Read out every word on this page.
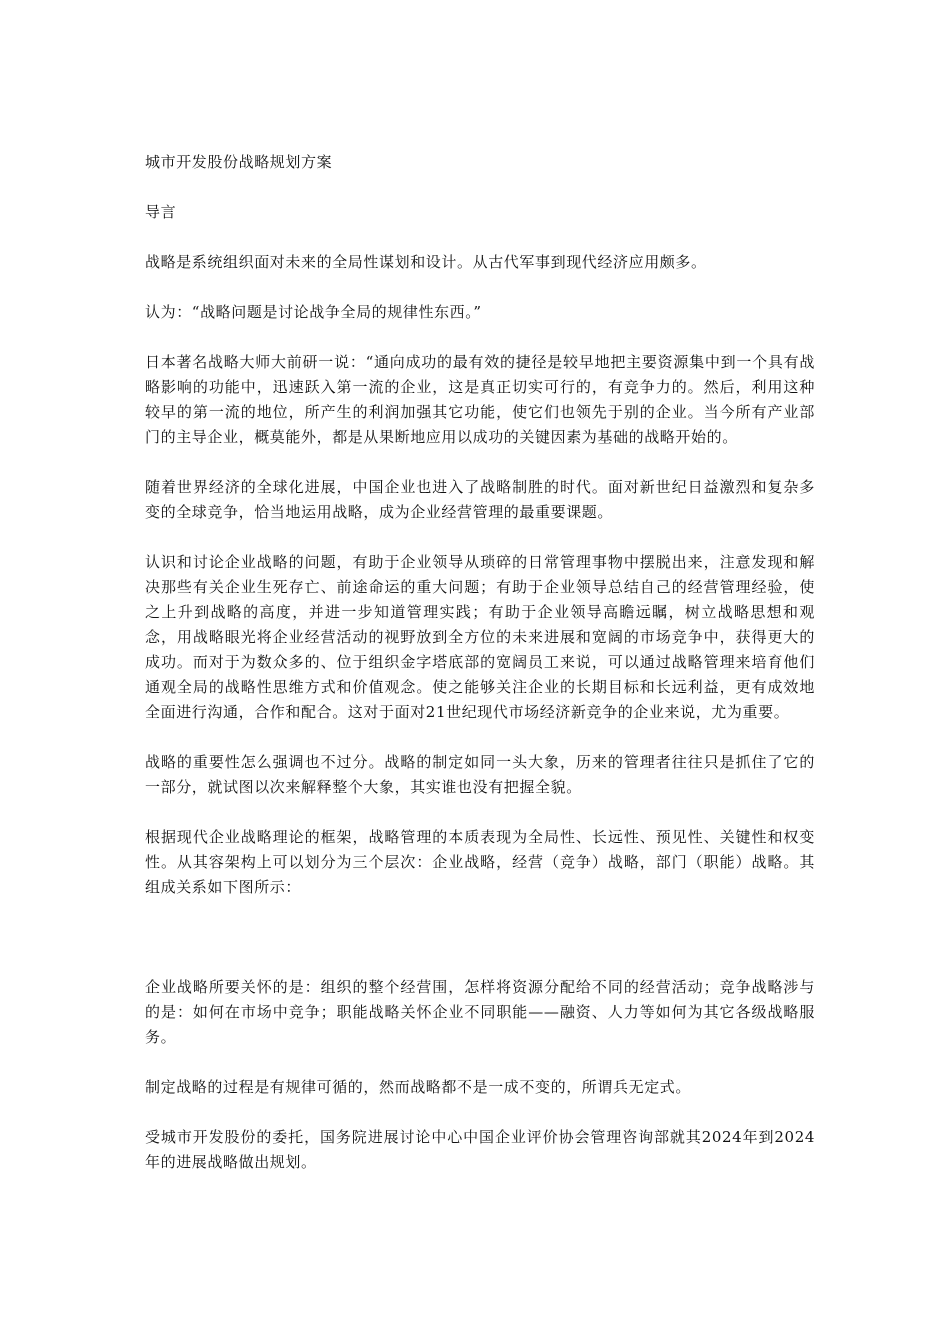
城市开发股份战略规划方案

导言

战略是系统组织面对未来的全局性谋划和设计。从古代军事到现代经济应用颇多。

认为：“战略问题是讨论战争全局的规律性东西。”

日本著名战略大师大前研一说：“通向成功的最有效的捷径是较早地把主要资源集中到一个具有战略影响的功能中，迅速跃入第一流的企业，这是真正切实可行的，有竞争力的。然后，利用这种较早的第一流的地位，所产生的利润加强其它功能，使它们也领先于别的企业。当今所有产业部门的主导企业，概莫能外，都是从果断地应用以成功的关键因素为基础的战略开始的。

随着世界经济的全球化进展，中国企业也进入了战略制胜的时代。面对新世纪日益激烈和复杂多变的全球竞争，恰当地运用战略，成为企业经营管理的最重要课题。

认识和讨论企业战略的问题，有助于企业领导从琐碎的日常管理事物中摆脱出来，注意发现和解决那些有关企业生死存亡、前途命运的重大问题；有助于企业领导总结自己的经营管理经验，使之上升到战略的高度，并进一步知道管理实践；有助于企业领导高瞻远瞩，树立战略思想和观念，用战略眼光将企业经营活动的视野放到全方位的未来进展和宽阔的市场竞争中，获得更大的成功。而对于为数众多的、位于组织金字塔底部的宽阔员工来说，可以通过战略管理来培育他们通观全局的战略性思维方式和价值观念。使之能够关注企业的长期目标和长远利益，更有成效地全面进行沟通，合作和配合。这对于面对21世纪现代市场经济新竞争的企业来说，尤为重要。

战略的重要性怎么强调也不过分。战略的制定如同一头大象，历来的管理者往往只是抓住了它的一部分，就试图以次来解释整个大象，其实谁也没有把握全貌。

根据现代企业战略理论的框架，战略管理的本质表现为全局性、长远性、预见性、关键性和权变性。从其容架构上可以划分为三个层次：企业战略，经营（竞争）战略，部门（职能）战略。其组成关系如下图所示：

企业战略所要关怀的是：组织的整个经营围，怎样将资源分配给不同的经营活动；竞争战略涉与的是：如何在市场中竞争；职能战略关怀企业不同职能——融资、人力等如何为其它各级战略服务。

制定战略的过程是有规律可循的，然而战略都不是一成不变的，所谓兵无定式。

受城市开发股份的委托，国务院进展讨论中心中国企业评价协会管理咨询部就其2024年到2024年的进展战略做出规划。
